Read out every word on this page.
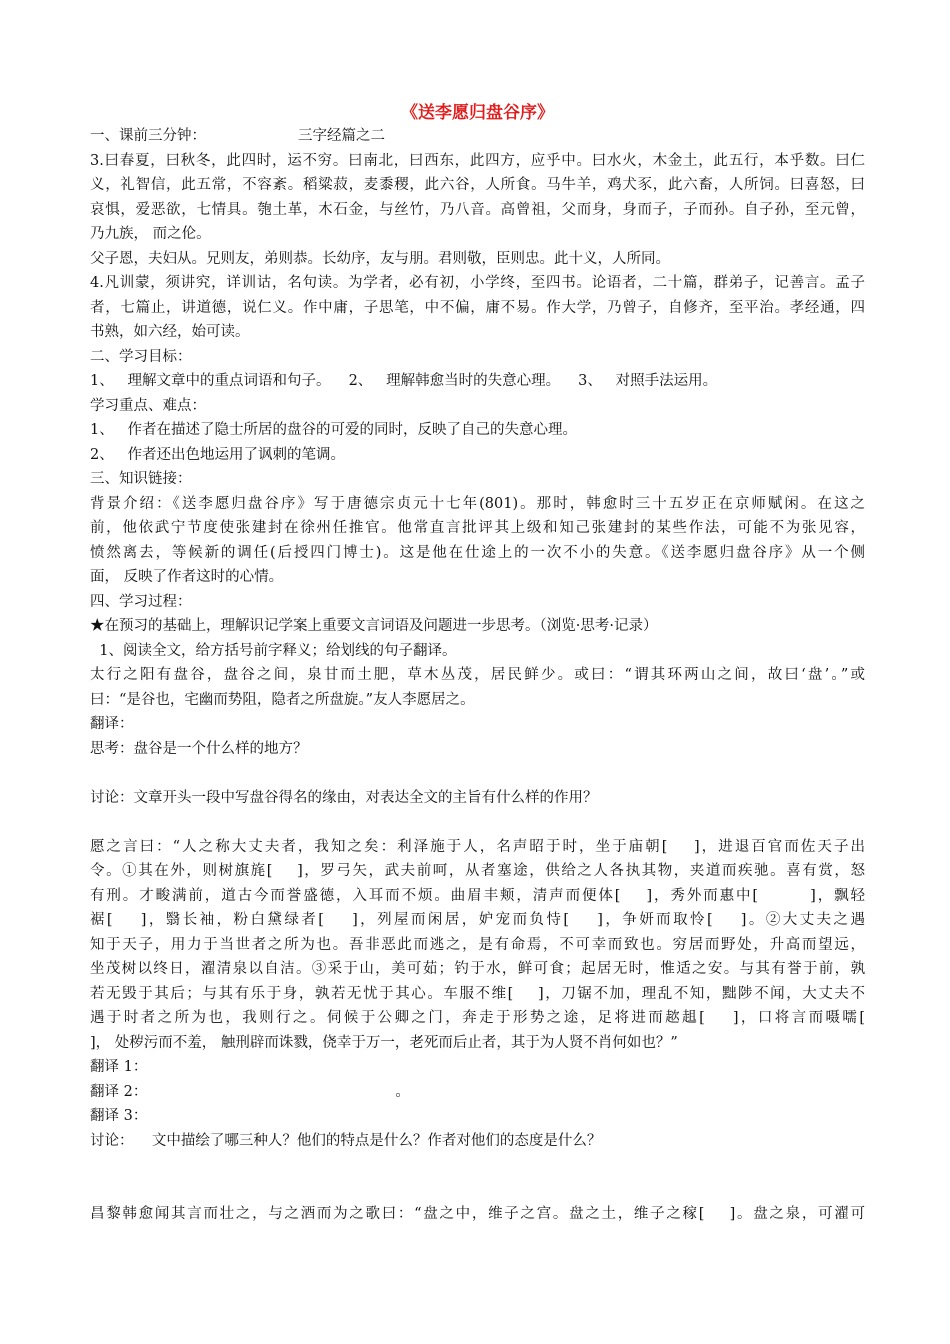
《送李愿归盘谷序》
一、课前三分钟：	三字经篇之二
3.曰春夏，曰秋冬，此四时，运不穷。曰南北，曰西东，此四方，应乎中。曰水火，木金土，此五行，本乎数。曰仁
义，礼智信，此五常，不容紊。稻粱菽，麦黍稷，此六谷，人所食。马牛羊，鸡犬豕，此六畜，人所饲。曰喜怒，曰
哀惧，爱恶欲，七情具。匏土革，木石金，与丝竹，乃八音。高曾祖，父而身，身而子，子而孙。自子孙，至元曾，
乃九族， 而之伦。
父子恩，夫妇从。兄则友，弟则恭。长幼序，友与朋。君则敬，臣则忠。此十义，人所同。
4.凡训蒙，须讲究，详训诂，名句读。为学者，必有初，小学终，至四书。论语者，二十篇，群弟子，记善言。孟子
者，七篇止，讲道德，说仁义。作中庸，子思笔，中不偏，庸不易。作大学，乃曾子，自修齐，至平治。孝经通，四
书熟，如六经，始可读。
二、学习目标：
1、   理解文章中的重点词语和句子。 2、   理解韩愈当时的失意心理。 3、   对照手法运用。
学习重点、难点：
1、   作者在描述了隐士所居的盘谷的可爱的同时，反映了自己的失意心理。
2、   作者还出色地运用了讽刺的笔调。
三、知识链接：
背景介绍：《送李愿归盘谷序》写于唐德宗贞元十七年(801)。那时，韩愈时三十五岁正在京师赋闲。在这之
前，他依武宁节度使张建封在徐州任推官。他常直言批评其上级和知己张建封的某些作法，可能不为张见容，
愤然离去，等候新的调任(后授四门博士)。这是他在仕途上的一次不小的失意。《送李愿归盘谷序》从一个侧
面， 反映了作者这时的心情。
四、学习过程：
★在预习的基础上，理解识记学案上重要文言词语及问题进一步思考。（浏览·思考·记录）
1、阅读全文，给方括号前字释义；给划线的句子翻译。
太行之阳有盘谷，盘谷之间，泉甘而土肥，草木丛茂，居民鲜少。或曰：“谓其环两山之间，故曰‘盘’。”或
曰：“是谷也，宅幽而势阻，隐者之所盘旋。”友人李愿居之。
翻译：
思考：盘谷是一个什么样的地方？
讨论：文章开头一段中写盘谷得名的缘由，对表达全文的主旨有什么样的作用？
愿之言曰：“人之称大丈夫者，我知之矣：利泽施于人，名声昭于时，坐于庙朝[    ]，进退百官而佐天子出
令。①其在外，则树旗旄[    ]，罗弓矢，武夫前呵，从者塞途，供给之人各执其物，夹道而疾驰。喜有赏，怒
有刑。才畯满前，道古今而誉盛德，入耳而不烦。曲眉丰颊，清声而便体[    ]，秀外而惠中[        ]，飘轻
裾[    ]，翳长袖，粉白黛绿者[    ]，列屋而闲居，妒宠而负恃[    ]，争妍而取怜[    ]。②大丈夫之遇
知于天子，用力于当世者之所为也。吾非恶此而逃之，是有命焉，不可幸而致也。穷居而野处，升高而望远，
坐茂树以终日，濯清泉以自洁。③采于山，美可茹；钓于水，鲜可食；起居无时，惟适之安。与其有誉于前，孰
若无毁于其后；与其有乐于身，孰若无忧于其心。车服不维[    ]，刀锯不加，理乱不知，黜陟不闻，大丈夫不
遇于时者之所为也，我则行之。伺候于公卿之门，奔走于形势之途，足将进而趑趄[    ]，口将言而嗫嚅[
]， 处秽污而不羞， 触刑辟而诛戮，侥幸于万一，老死而后止者，其于为人贤不肖何如也？”
翻译 1：
翻译 2：	。
翻译 3：
讨论：    文中描绘了哪三种人？他们的特点是什么？作者对他们的态度是什么？
昌黎韩愈闻其言而壮之，与之酒而为之歌曰：“盘之中，维子之宫。盘之土，维子之稼[    ]。盘之泉，可濯可
